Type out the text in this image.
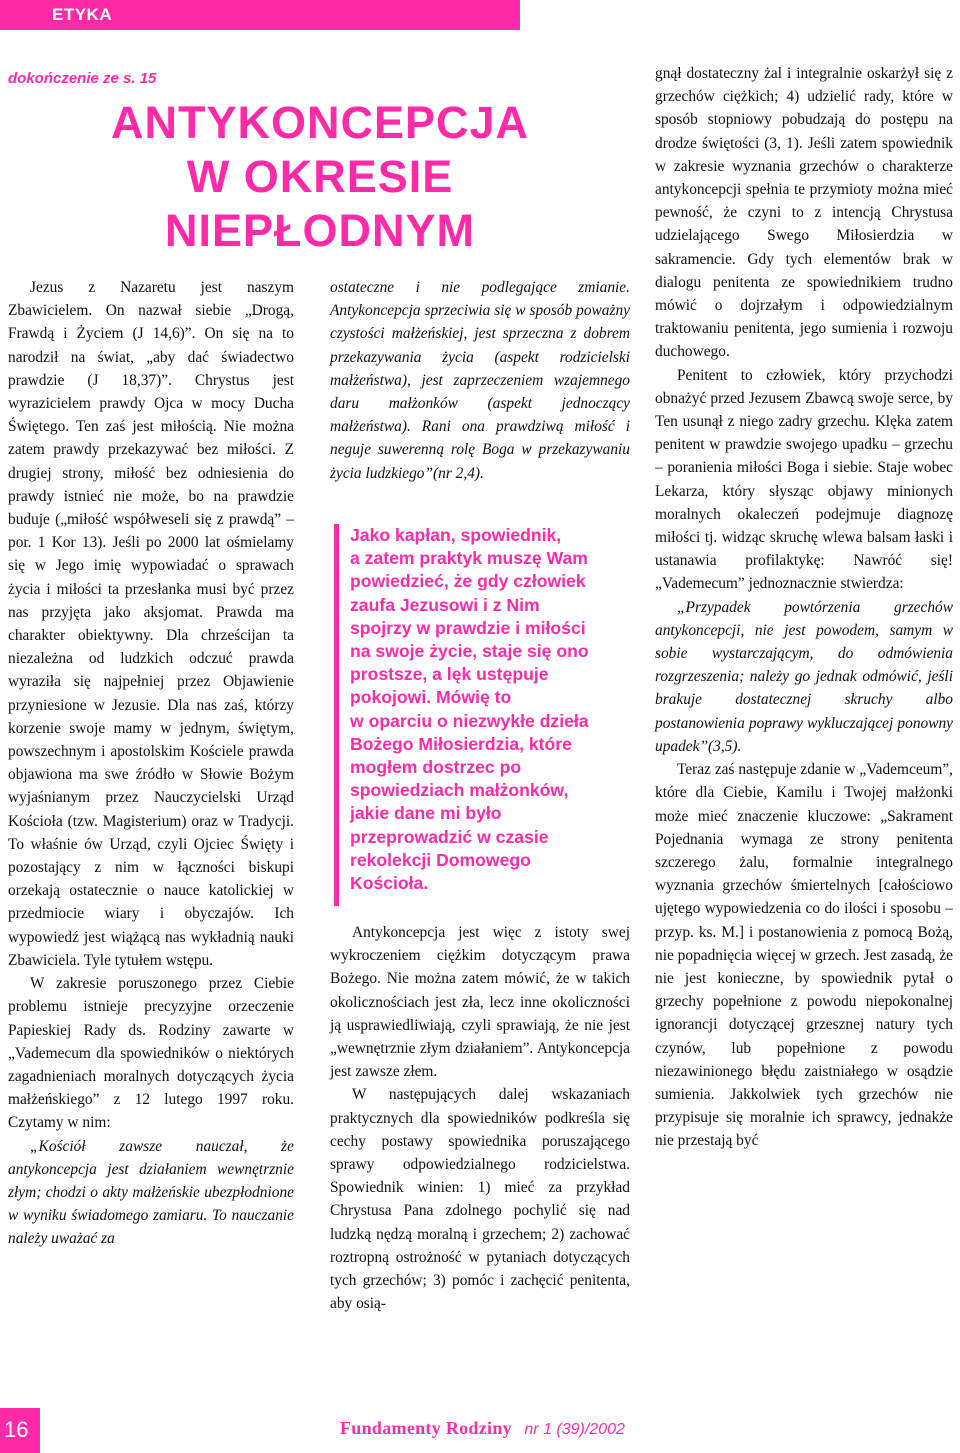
ETYKA
dokończenie ze s. 15
ANTYKONCEPCJA
W OKRESIE
NIEPŁODNYM

Jezus z Nazaretu jest naszym Zbawicielem. On nazwał siebie „Drogą, Frawdą i Życiem (J 14,6)”. On się na to narodził na świat, „aby dać świadectwo prawdzie (J 18,37)”. Chrystus jest wyrazicielem prawdy Ojca w mocy Ducha Świętego. Ten zaś jest miłością. Nie można zatem prawdy przekazywać bez miłości. Z drugiej strony, miłość bez odniesienia do prawdy istnieć nie może, bo na prawdzie buduje („miłość współweseli się z prawdą” – por. 1 Kor 13). Jeśli po 2000 lat ośmielamy się w Jego imię wypowiadać o sprawach życia i miłości ta przesłanka musi być przez nas przyjęta jako aksjomat. Prawda ma charakter obiektywny. Dla chrześcijan ta niezależna od ludzkich odczuć prawda wyraziła się najpełniej przez Objawienie przyniesione w Jezusie. Dla nas zaś, którzy korzenie swoje mamy w jednym, świętym, powszechnym i apostolskim Kościele prawda objawiona ma swe źródło w Słowie Bożym wyjaśnianym przez Nauczycielski Urząd Kościoła (tzw. Magisterium) oraz w Tradycji. To właśnie ów Urząd, czyli Ojciec Święty i pozostający z nim w łączności biskupi orzekają ostatecznie o nauce katolickiej w przedmiocie wiary i obyczajów. Ich wypowiedź jest wiążącą nas wykładnią nauki Zbawiciela. Tyle tytułem wstępu.

W zakresie poruszonego przez Ciebie problemu istnieje precyzyjne orzeczenie Papieskiej Rady ds. Rodziny zawarte w „Vademecum dla spowiedników o niektórych zagadnieniach moralnych dotyczących życia małżeńskiego” z 12 lutego 1997 roku. Czytamy w nim:

„Kościół zawsze nauczał, że antykoncepcja jest działaniem wewnętrznie złym; chodzi o akty małżeńskie ubezpłodnione w wyniku świadomego zamiaru. To nauczanie należy uważać za

ostateczne i nie podlegające zmianie. Antykoncepcja sprzeciwia się w sposób poważny czystości małżeńskiej, jest sprzeczna z dobrem przekazywania życia (aspekt rodzicielski małżeństwa), jest zaprzeczeniem wzajemnego daru małżonków (aspekt jednoczący małżeństwa). Rani ona prawdziwą miłość i neguje suwerenną rolę Boga w przekazywaniu życia ludzkiego”(nr 2,4).

Jako kapłan, spowiednik,
a zatem praktyk muszę Wam
powiedzieć, że gdy człowiek
zaufa Jezusowi i z Nim
spojrzy w prawdzie i miłości
na swoje życie, staje się ono
prostsze, a lęk ustępuje
pokojowi. Mówię to
w oparciu o niezwykłe dzieła
Bożego Miłosierdzia, które
mogłem dostrzec po
spowiedziach małżonków,
jakie dane mi było
przeprowadzić w czasie
rekolekcji Domowego
Kościoła.

Antykoncepcja jest więc z istoty swej wykroczeniem ciężkim dotyczącym prawa Bożego. Nie można zatem mówić, że w takich okolicznościach jest zła, lecz inne okoliczności ją usprawiedliwiają, czyli sprawiają, że nie jest „wewnętrznie złym działaniem”. Antykoncepcja jest zawsze złem.

W następujących dalej wskazaniach praktycznych dla spowiedników podkreśla się cechy postawy spowiednika poruszającego sprawy odpowiedzialnego rodzicielstwa. Spowiednik winien: 1) mieć za przykład Chrystusa Pana zdolnego pochylić się nad ludzką nędzą moralną i grzechem; 2) zachować roztropną ostrożność w pytaniach dotyczących tych grzechów; 3) pomóc i zachęcić penitenta, aby osią-

gnął dostateczny żal i integralnie oskarżył się z grzechów ciężkich; 4) udzielić rady, które w sposób stopniowy pobudzają do postępu na drodze świętości (3, 1). Jeśli zatem spowiednik w zakresie wyznania grzechów o charakterze antykoncepcji spełnia te przymioty można mieć pewność, że czyni to z intencją Chrystusa udzielającego Swego Miłosierdzia w sakramencie. Gdy tych elementów brak w dialogu penitenta ze spowiednikiem trudno mówić o dojrzałym i odpowiedzialnym traktowaniu penitenta, jego sumienia i rozwoju duchowego.

Penitent to człowiek, który przychodzi obnażyć przed Jezusem Zbawcą swoje serce, by Ten usunął z niego zadry grzechu. Klęka zatem penitent w prawdzie swojego upadku – grzechu – poranienia miłości Boga i siebie. Staje wobec Lekarza, który słysząc objawy minionych moralnych okaleczeń podejmuje diagnozę miłości tj. widząc skruchę wlewa balsam łaski i ustanawia profilaktykę: Nawróć się! „Vademecum” jednoznacznie stwierdza:

„Przypadek powtórzenia grzechów antykoncepcji, nie jest powodem, samym w sobie wystarczającym, do odmówienia rozgrzeszenia; należy go jednak odmówić, jeśli brakuje dostatecznej skruchy albo postanowienia poprawy wykluczającej ponowny upadek”(3,5).

Teraz zaś następuje zdanie w „Vademceum”, które dla Ciebie, Kamilu i Twojej małżonki może mieć znaczenie kluczowe: „Sakrament Pojednania wymaga ze strony penitenta szczerego żalu, formalnie integralnego wyznania grzechów śmiertelnych [całościowo ujętego wypowiedzenia co do ilości i sposobu – przyp. ks. M.] i postanowienia z pomocą Bożą, nie popadnięcia więcej w grzech. Jest zasadą, że nie jest konieczne, by spowiednik pytał o grzechy popełnione z powodu niepokonalnej ignorancji dotyczącej grzesznej natury tych czynów, lub popełnione z powodu niezawinionego błędu zaistniałego w osądzie sumienia. Jakkolwiek tych grzechów nie przypisuje się moralnie ich sprawcy, jednakże nie przestają być

16	Fundamenty Rodziny nr 1 (39)/2002
